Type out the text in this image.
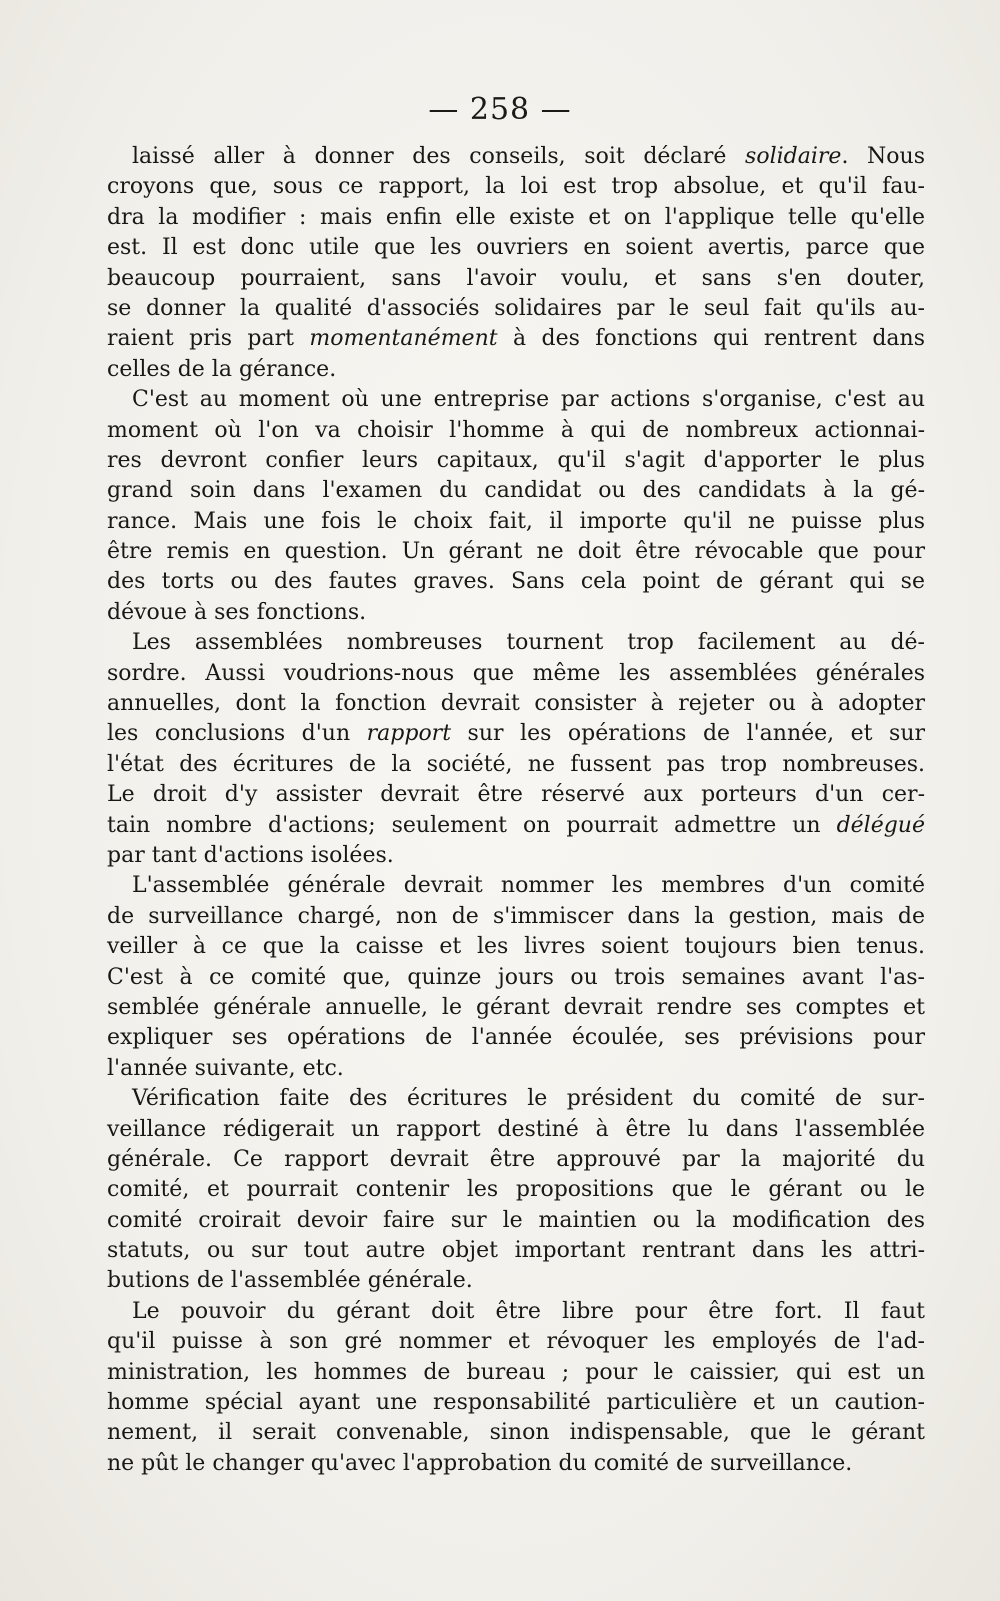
— 258 —
laissé aller à donner des conseils, soit déclaré solidaire. Nous
croyons que, sous ce rapport, la loi est trop absolue, et qu'il fau-
dra la modifier : mais enfin elle existe et on l'applique telle qu'elle
est. Il est donc utile que les ouvriers en soient avertis, parce que
beaucoup pourraient, sans l'avoir voulu, et sans s'en douter,
se donner la qualité d'associés solidaires par le seul fait qu'ils au-
raient pris part momentanément à des fonctions qui rentrent dans
celles de la gérance.
C'est au moment où une entreprise par actions s'organise, c'est au
moment où l'on va choisir l'homme à qui de nombreux actionnai-
res devront confier leurs capitaux, qu'il s'agit d'apporter le plus
grand soin dans l'examen du candidat ou des candidats à la gé-
rance. Mais une fois le choix fait, il importe qu'il ne puisse plus
être remis en question. Un gérant ne doit être révocable que pour
des torts ou des fautes graves. Sans cela point de gérant qui se
dévoue à ses fonctions.
Les assemblées nombreuses tournent trop facilement au dé-
sordre. Aussi voudrions-nous que même les assemblées générales
annuelles, dont la fonction devrait consister à rejeter ou à adopter
les conclusions d'un rapport sur les opérations de l'année, et sur
l'état des écritures de la société, ne fussent pas trop nombreuses.
Le droit d'y assister devrait être réservé aux porteurs d'un cer-
tain nombre d'actions; seulement on pourrait admettre un délégué
par tant d'actions isolées.
L'assemblée générale devrait nommer les membres d'un comité
de surveillance chargé, non de s'immiscer dans la gestion, mais de
veiller à ce que la caisse et les livres soient toujours bien tenus.
C'est à ce comité que, quinze jours ou trois semaines avant l'as-
semblée générale annuelle, le gérant devrait rendre ses comptes et
expliquer ses opérations de l'année écoulée, ses prévisions pour
l'année suivante, etc.
Vérification faite des écritures le président du comité de sur-
veillance rédigerait un rapport destiné à être lu dans l'assemblée
générale. Ce rapport devrait être approuvé par la majorité du
comité, et pourrait contenir les propositions que le gérant ou le
comité croirait devoir faire sur le maintien ou la modification des
statuts, ou sur tout autre objet important rentrant dans les attri-
butions de l'assemblée générale.
Le pouvoir du gérant doit être libre pour être fort. Il faut
qu'il puisse à son gré nommer et révoquer les employés de l'ad-
ministration, les hommes de bureau ; pour le caissier, qui est un
homme spécial ayant une responsabilité particulière et un caution-
nement, il serait convenable, sinon indispensable, que le gérant
ne pût le changer qu'avec l'approbation du comité de surveillance.
